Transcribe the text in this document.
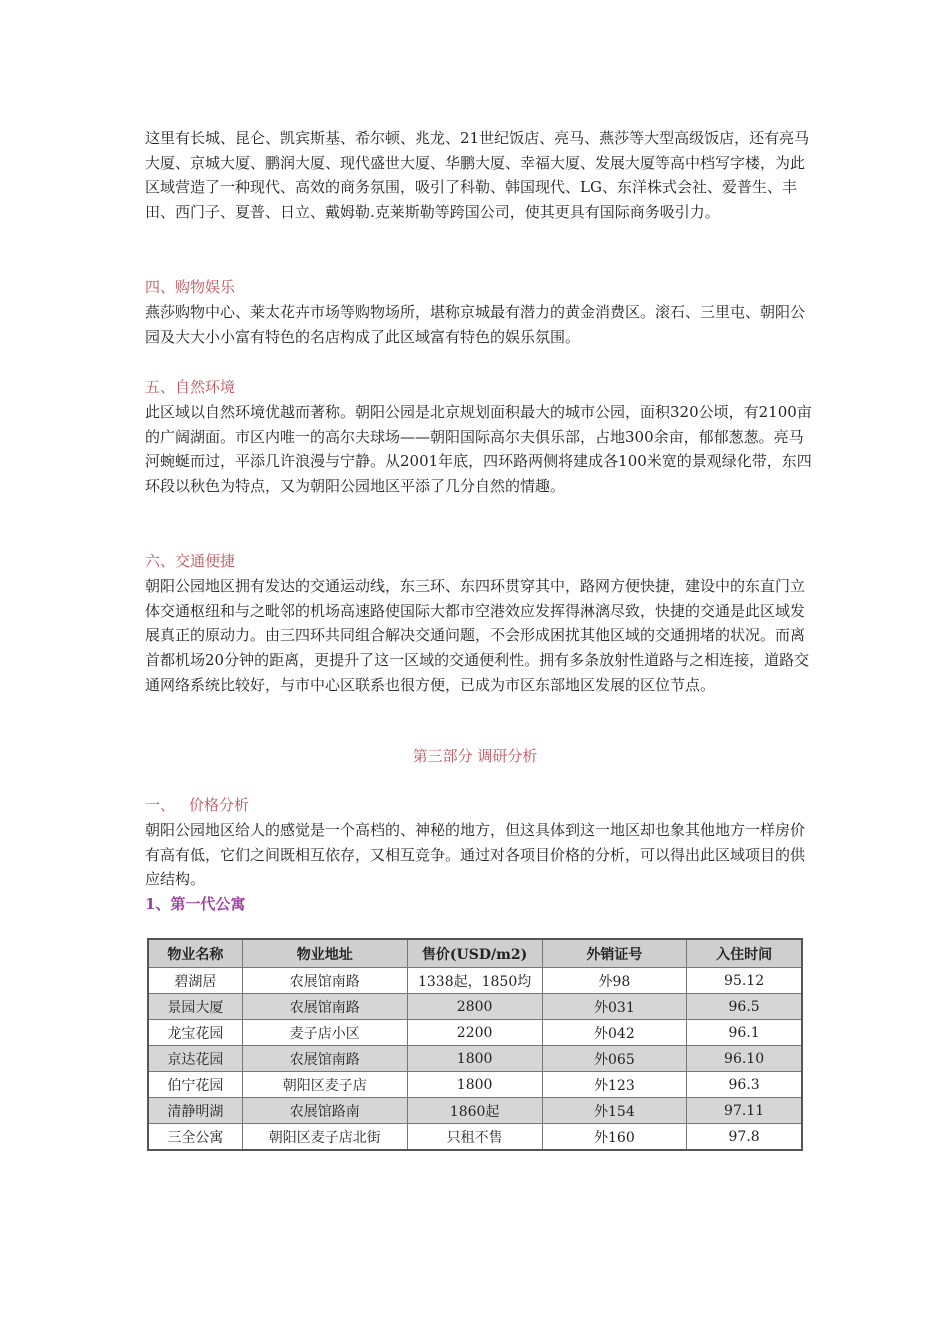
这里有长城、昆仑、凯宾斯基、希尔顿、兆龙、21世纪饭店、亮马、燕莎等大型高级饭店，还有亮马大厦、京城大厦、鹏润大厦、现代盛世大厦、华鹏大厦、幸福大厦、发展大厦等高中档写字楼，为此区域营造了一种现代、高效的商务氛围，吸引了科勒、韩国现代、LG、东洋株式会社、爱普生、丰田、西门子、夏普、日立、戴姆勒.克莱斯勒等跨国公司，使其更具有国际商务吸引力。

四、购物娱乐

燕莎购物中心、莱太花卉市场等购物场所，堪称京城最有潜力的黄金消费区。滚石、三里屯、朝阳公园及大大小小富有特色的名店构成了此区域富有特色的娱乐氛围。

五、自然环境

此区域以自然环境优越而著称。朝阳公园是北京规划面积最大的城市公园，面积320公顷，有2100亩的广阔湖面。市区内唯一的高尔夫球场——朝阳国际高尔夫俱乐部，占地300余亩，郁郁葱葱。亮马河蜿蜒而过，平添几许浪漫与宁静。从2001年底，四环路两侧将建成各100米宽的景观绿化带，东四环段以秋色为特点，又为朝阳公园地区平添了几分自然的情趣。

六、交通便捷

朝阳公园地区拥有发达的交通运动线，东三环、东四环贯穿其中，路网方便快捷，建设中的东直门立体交通枢纽和与之毗邻的机场高速路使国际大都市空港效应发挥得淋漓尽致，快捷的交通是此区域发展真正的原动力。由三四环共同组合解决交通问题，不会形成困扰其他区域的交通拥堵的状况。而离首都机场20分钟的距离，更提升了这一区域的交通便利性。拥有多条放射性道路与之相连接，道路交通网络系统比较好，与市中心区联系也很方便，已成为市区东部地区发展的区位节点。

第三部分 调研分析

一、 价格分析

朝阳公园地区给人的感觉是一个高档的、神秘的地方，但这具体到这一地区却也象其他地方一样房价有高有低，它们之间既相互依存，又相互竞争。通过对各项目价格的分析，可以得出此区域项目的供应结构。

1、第一代公寓

物业名称	物业地址	售价(USD/m2)	外销证号	入住时间
碧湖居	农展馆南路	1338起，1850均	外98	95.12
景园大厦	农展馆南路	2800	外031	96.5
龙宝花园	麦子店小区	2200	外042	96.1
京达花园	农展馆南路	1800	外065	96.10
伯宁花园	朝阳区麦子店	1800	外123	96.3
清静明湖	农展馆路南	1860起	外154	97.11
三全公寓	朝阳区麦子店北街	只租不售	外160	97.8
